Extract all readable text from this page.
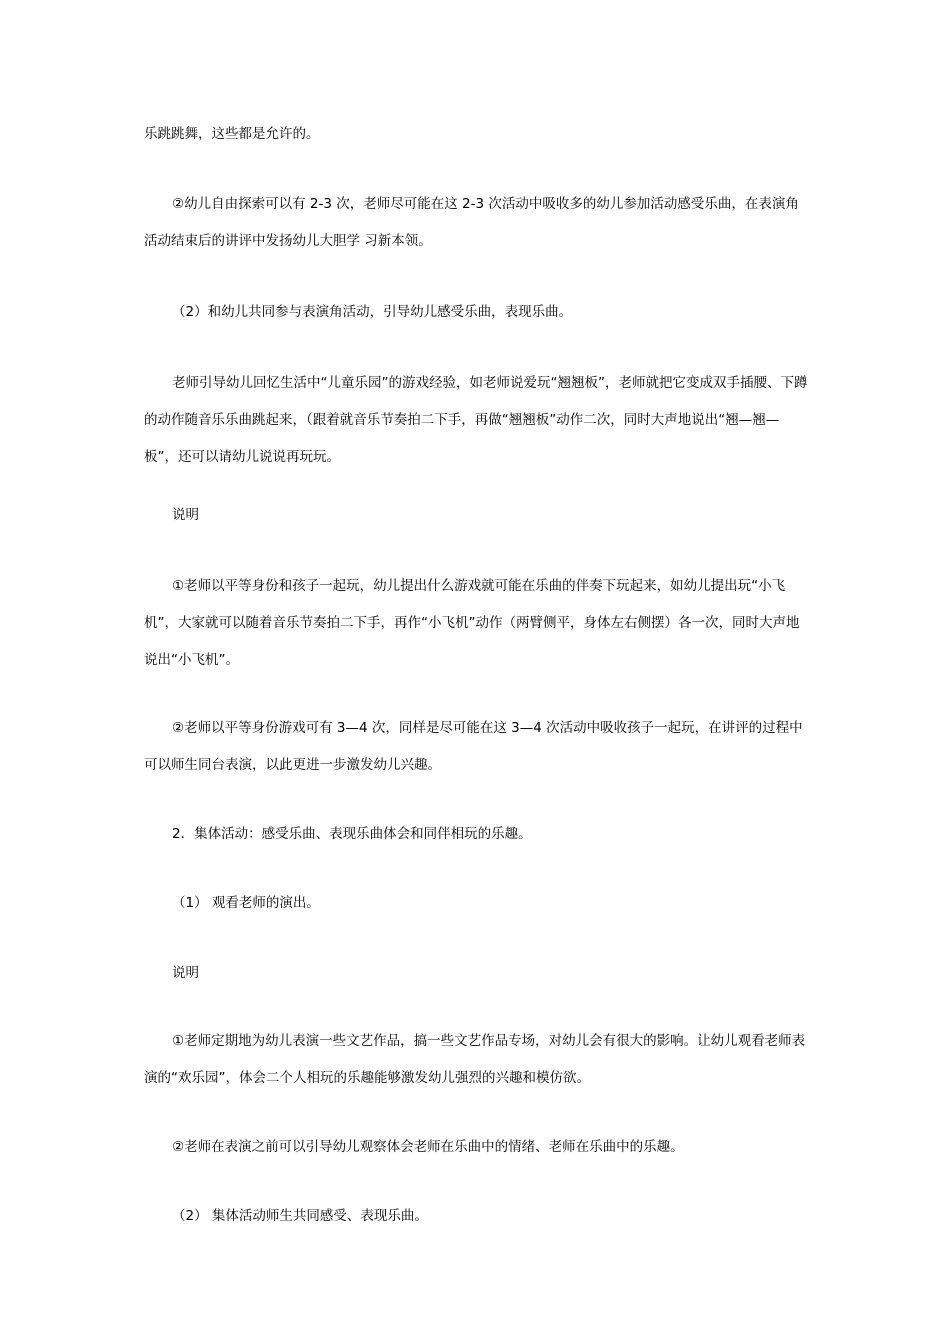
乐跳跳舞，这些都是允许的。

②幼儿自由探索可以有 2-3 次，老师尽可能在这 2-3 次活动中吸收多的幼儿参加活动感受乐曲，在表演角活动结束后的讲评中发扬幼儿大胆学 习新本领。

（2）和幼儿共同参与表演角活动，引导幼儿感受乐曲，表现乐曲。

老师引导幼儿回忆生活中“儿童乐园”的游戏经验，如老师说爱玩“翘翘板”，老师就把它变成双手插腰、下蹲的动作随音乐乐曲跳起来，（跟着就音乐节奏拍二下手，再做“翘翘板”动作二次，同时大声地说出“翘—翘—板”，还可以请幼儿说说再玩玩。

说明

①老师以平等身份和孩子一起玩，幼儿提出什么游戏就可能在乐曲的伴奏下玩起来，如幼儿提出玩“小飞机”，大家就可以随着音乐节奏拍二下手，再作“小飞机”动作（两臂侧平，身体左右侧摆）各一次，同时大声地说出“小飞机”。

②老师以平等身份游戏可有 3—4 次，同样是尽可能在这 3—4 次活动中吸收孩子一起玩，在讲评的过程中可以师生同台表演，以此更进一步激发幼儿兴趣。

2．集体活动：感受乐曲、表现乐曲体会和同伴相玩的乐趣。

（1） 观看老师的演出。

说明

①老师定期地为幼儿表演一些文艺作品，搞一些文艺作品专场，对幼儿会有很大的影响。让幼儿观看老师表演的“欢乐园”，体会二个人相玩的乐趣能够激发幼儿强烈的兴趣和模仿欲。

②老师在表演之前可以引导幼儿观察体会老师在乐曲中的情绪、老师在乐曲中的乐趣。

（2） 集体活动师生共同感受、表现乐曲。
